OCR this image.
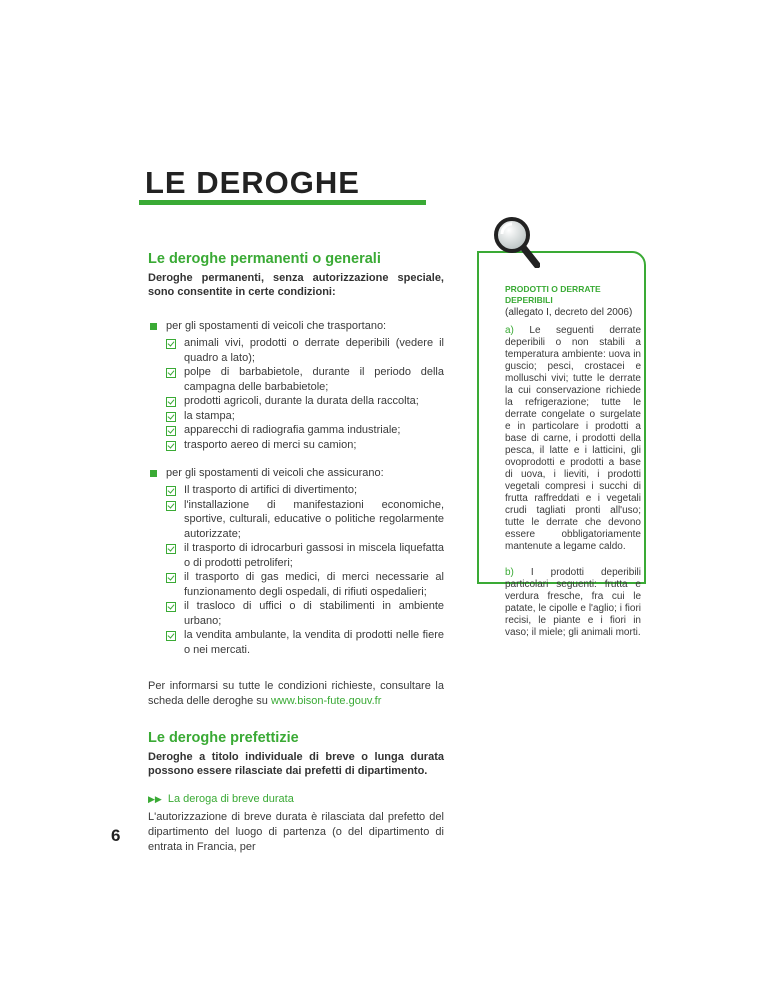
LE DEROGHE
Le deroghe permanenti o generali

Deroghe permanenti, senza autorizzazione speciale, sono consentite in certe condizioni:

per gli spostamenti di veicoli che trasportano:

animali vivi, prodotti o derrate deperibili (vedere il quadro a lato);
polpe di barbabietole, durante il periodo della campagna delle barbabietole;
prodotti agricoli, durante la durata della raccolta;
la stampa;
apparecchi di radiografia gamma industriale;
trasporto aereo di merci su camion;

per gli spostamenti di veicoli che assicurano:

Il trasporto di artifici di divertimento;
l'installazione di manifestazioni economiche, sportive, culturali, educative o politiche regolarmente autorizzate;
il trasporto di idrocarburi gassosi in miscela liquefatta o di prodotti petroliferi;
il trasporto di gas medici, di merci necessarie al funzionamento degli ospedali, di rifiuti ospedalieri;
il trasloco di uffici o di stabilimenti in ambiente urbano;
la vendita ambulante, la vendita di prodotti nelle fiere o nei mercati.

Per informarsi su tutte le condizioni richieste, consultare la scheda delle deroghe su www.bison-fute.gouv.fr

Le deroghe prefettizie

Deroghe a titolo individuale di breve o lunga durata possono essere rilasciate dai prefetti di dipartimento.

▶▶ La deroga di breve durata

L'autorizzazione di breve durata è rilasciata dal prefetto del dipartimento del luogo di partenza (o del dipartimento di entrata in Francia, per

6

PRODOTTI O DERRATE DEPERIBILI

(allegato I, decreto del 2006)

a) Le seguenti derrate deperibili o non stabili a temperatura ambiente: uova in guscio; pesci, crostacei e molluschi vivi; tutte le derrate la cui conservazione richiede la refrigerazione; tutte le derrate congelate o surgelate e in particolare i prodotti a base di carne, i prodotti della pesca, il latte e i latticini, gli ovoprodotti e prodotti a base di uova, i lieviti, i prodotti vegetali compresi i succhi di frutta raffreddati e i vegetali crudi tagliati pronti all'uso; tutte le derrate che devono essere obbligatoriamente mantenute a legame caldo.

b) I prodotti deperibili particolari seguenti: frutta e verdura fresche, fra cui le patate, le cipolle e l'aglio; i fiori recisi, le piante e i fiori in vaso; il miele; gli animali morti.
